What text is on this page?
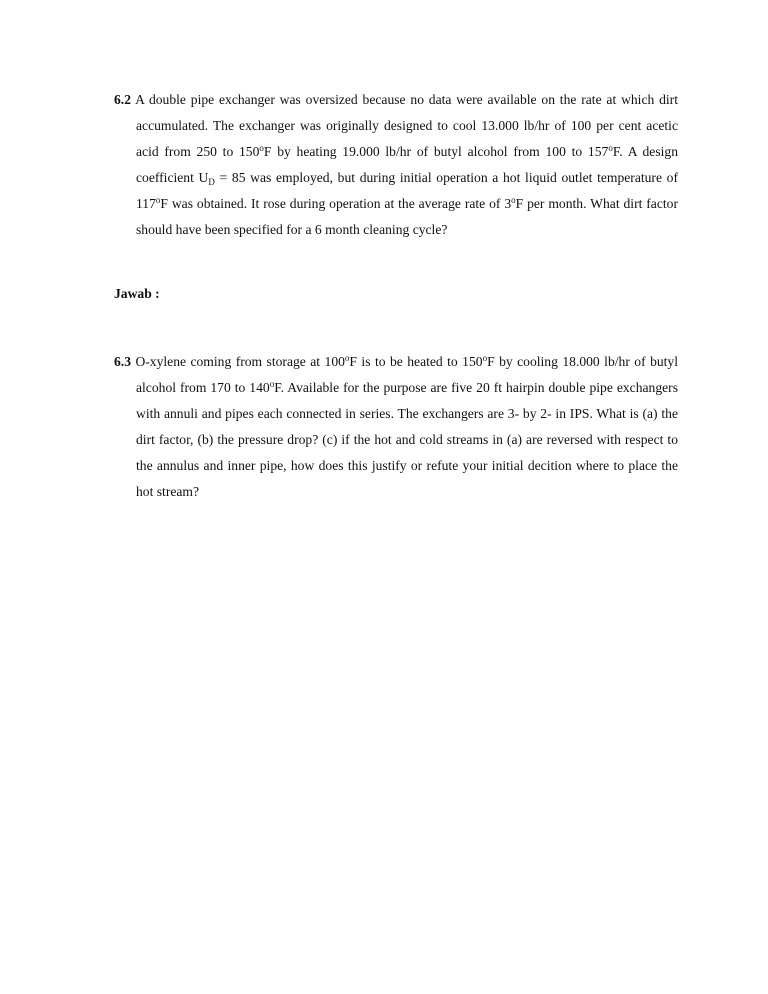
6.2 A double pipe exchanger was oversized because no data were available on the rate at which dirt accumulated. The exchanger was originally designed to cool 13.000 lb/hr of 100 per cent acetic acid from 250 to 150$^o$F by heating 19.000 lb/hr of butyl alcohol from 100 to 157$^o$F. A design coefficient $U_D = 85$ was employed, but during initial operation a hot liquid outlet temperature of 117$^o$F was obtained. It rose during operation at the average rate of 3$^o$F per month. What dirt factor should have been specified for a 6 month cleaning cycle?

Jawab :

6.3 O-xylene coming from storage at 100$^o$F is to be heated to 150$^o$F by cooling 18.000 lb/hr of butyl alcohol from 170 to 140$^o$F. Available for the purpose are five 20 ft hairpin double pipe exchangers with annuli and pipes each connected in series. The exchangers are 3- by 2- in IPS. What is (a) the dirt factor, (b) the pressure drop? (c) if the hot and cold streams in (a) are reversed with respect to the annulus and inner pipe, how does this justify or refute your initial decition where to place the hot stream?
